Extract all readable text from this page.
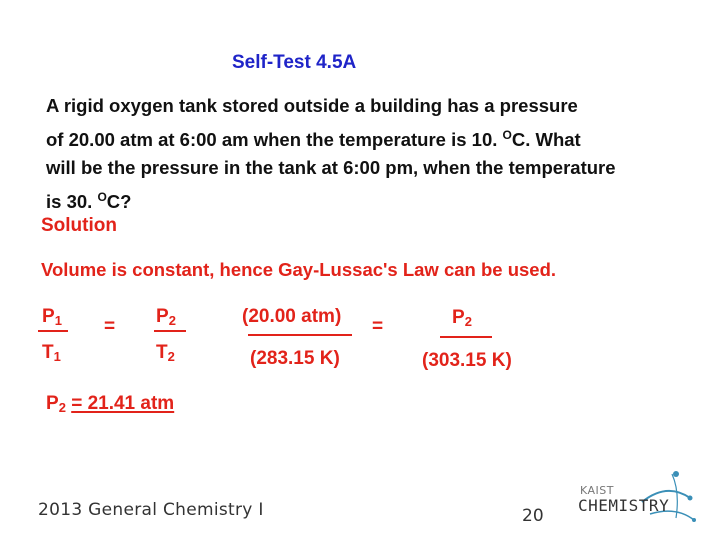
Self-Test 4.5A

A rigid oxygen tank stored outside a building has a pressure

of 20.00 atm at 6:00 am when the temperature is 10. $^O$C. What

will be the pressure in the tank at 6:00 pm, when the temperature

is 30. $^O$C?

Solution
Volume is constant, hence Gay-Lussac's Law can be used.
$P_1$
$T_1$
= $P_2$
$T_2$
(20.00 atm)
(283.15 K)
=	$P_2$
(303.15 K)
$P_2 = 21.41$ atm
2013 General Chemistry I	20
KAIST
CHEMISTRY
